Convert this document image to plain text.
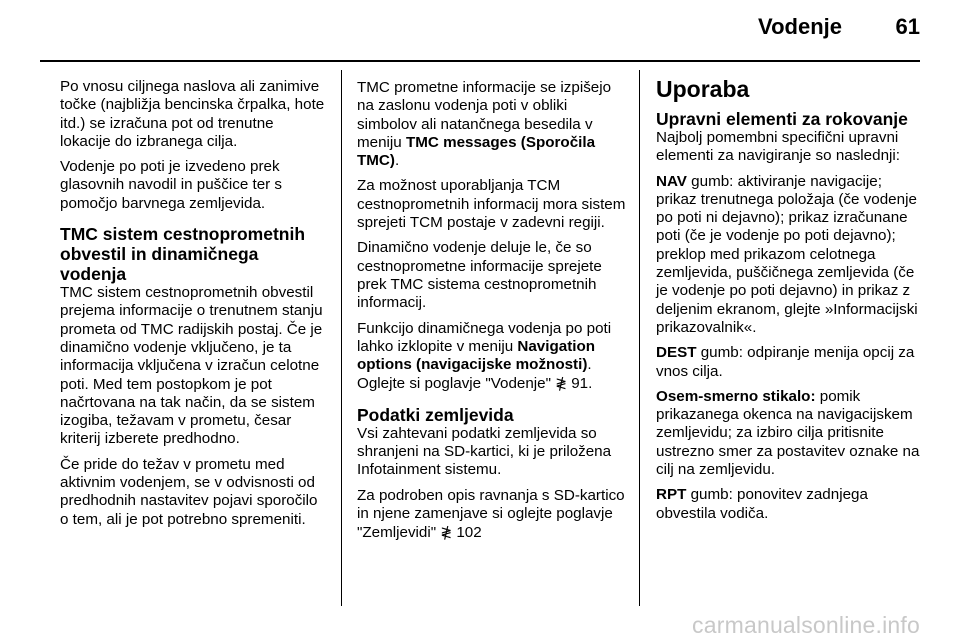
Vodenje 61

Po vnosu ciljnega naslova ali zanimive točke (najbližja bencinska črpalka, hote itd.) se izračuna pot od trenutne lokacije do izbranega cilja.

Vodenje po poti je izvedeno prek glasovnih navodil in puščice ter s pomočjo barvnega zemljevida.

TMC sistem cestnoprometnih obvestil in dinamičnega vodenja

TMC sistem cestnoprometnih obvestil prejema informacije o trenutnem stanju prometa od TMC radijskih postaj. Če je dinamično vodenje vključeno, je ta informacija vključena v izračun celotne poti. Med tem postopkom je pot načrtovana na tak način, da se sistem izogiba, težavam v prometu, česar kriterij izberete predhodno.

Če pride do težav v prometu med aktivnim vodenjem, se v odvisnosti od predhodnih nastavitev pojavi sporočilo o tem, ali je pot potrebno spremeniti.

TMC prometne informacije se izpišejo na zaslonu vodenja poti v obliki simbolov ali natančnega besedila v meniju TMC messages (Sporočila TMC).

Za možnost uporabljanja TCM cestnoprometnih informacij mora sistem sprejeti TCM postaje v zadevni regiji.

Dinamično vodenje deluje le, če so cestnoprometne informacije sprejete prek TMC sistema cestnoprometnih informacij.

Funkcijo dinamičnega vodenja po poti lahko izklopite v meniju Navigation options (navigacijske možnosti). Oglejte si poglavje "Vodenje" ≹ 91.

Podatki zemljevida

Vsi zahtevani podatki zemljevida so shranjeni na SD-kartici, ki je priložena Infotainment sistemu.

Za podroben opis ravnanja s SD-kartico in njene zamenjave si oglejte poglavje "Zemljevidi" ≹ 102

Uporaba
Upravni elementi za rokovanje

Najbolj pomembni specifični upravni elementi za navigiranje so naslednji:

NAV gumb: aktiviranje navigacije; prikaz trenutnega položaja (če vodenje po poti ni dejavno); prikaz izračunane poti (če je vodenje po poti dejavno); preklop med prikazom celotnega zemljevida, puščičnega zemljevida (če je vodenje po poti dejavno) in prikaz z deljenim ekranom, glejte »Informacijski prikazovalnik«.

DEST gumb: odpiranje menija opcij za vnos cilja.

Osem-smerno stikalo: pomik prikazanega okenca na navigacijskem zemljevidu; za izbiro cilja pritisnite ustrezno smer za postavitev oznake na cilj na zemljevidu.

RPT gumb: ponovitev zadnjega obvestila vodiča.

carmanualsonline.info
